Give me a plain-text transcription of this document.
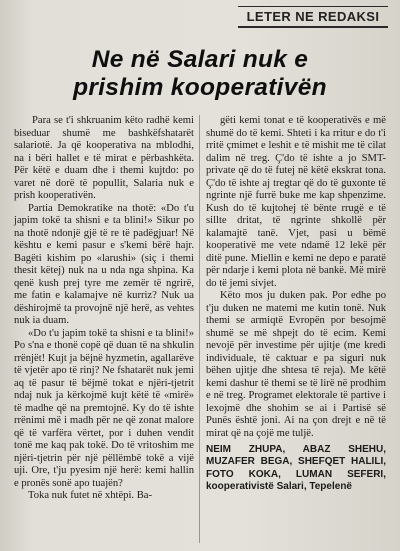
LETER NE REDAKSI
Ne në Salari nuk e
prishim kooperativën

Para se t'i shkruanim këto radhë kemi biseduar shumë me bashkëfshatarët salariotë. Ja që kooperativa na mblodhi, na i bëri hallet e të mirat e përbashkëta. Për këtë e duam dhe i themi kujtdo: po varet në dorë të popullit, Salaria nuk e prish kooperativën.

Partia Demokratike na thotë: «Do t'u japim tokë ta shisni e ta blini!» Sikur po na thotë ndonjë gjë të re të padëgjuar! Në kështu e kemi pasur e s'kemi bërë hajr. Bagëti kishim po «larushi» (siç i themi thesit këtej) nuk na u nda nga shpina. Ka qenë kush prej tyre me zemër të ngrirë, me fatin e kalamajve në kurriz? Nuk ua dëshirojmë ta provojnë një herë, as vehtes nuk ia duam.

«Do t'u japim tokë ta shisni e ta blini!» Po s'na e thonë copë që duan të na shkulin rrënjët! Kujt ja bëjnë hyzmetin, agallarëve të vjetër apo të rinj? Ne fshatarët nuk jemi aq të pasur të bëjmë tokat e njëri-tjetrit ndaj nuk ja kërkojmë kujt këtë të «mirë» të madhe që na premtojnë. Ky do të ishte rrënimi më i madh për ne që zonat malore që të varfëra vërtet, por i duhen vendit tonë me kaq pak tokë. Do të vritoshim me njëri-tjetrin për një pëllëmbë tokë a vijë uji. Ore, t'ju pyesim një herë: kemi hallin e pronës sonë apo tuajën?

Toka nuk futet në xhtëpi. Ba-

gëti kemi tonat e të kooperativës e më shumë do të kemi. Shteti i ka rritur e do t'i rritë çmimet e leshit e të mishit me të cilat dalim në treg. Ç'do të ishte a jo SMT-private që do të futej në këtë ekskrat tona. Ç'do të ishte aj tregtar që do të guxonte të ngrinte një furrë buke me kap shpenzime. Kush do të kujtohej të bënte rrugë e të sillte dritat, të ngrinte shkollë për kalamajtë tanë. Vjet, pasi u bëmë kooperativë me vete ndamë 12 lekë për ditë pune. Miellin e kemi ne depo e paratë për ndarje i kemi plota në bankë. Më mirë do të jemi sivjet.

Këto mos ju duken pak. Por edhe po t'ju duken ne matemi me kutin tonë. Nuk themi se armiqtë Evropën por besojmë shumë se më shpejt do të ecim. Kemi nevojë për investime për ujitje (me kredi individuale, të caktuar e pa siguri nuk bëhen ujitje dhe shtesa të reja). Me këtë kemi dashur të themi se të lirë në prodhim e në treg. Programet elektorale të partive i lexojmë dhe shohim se ai i Partisë së Punës është joni. Ai na çon drejt e në të mirat që na çojë me tuljë.

NEIM ZHUPA, ABAZ SHEHU, MUZAFER BEGA, SHEFQET HALILI, FOTO KOKA, LUMAN SEFERI, kooperativistë Salari, Tepelenë
